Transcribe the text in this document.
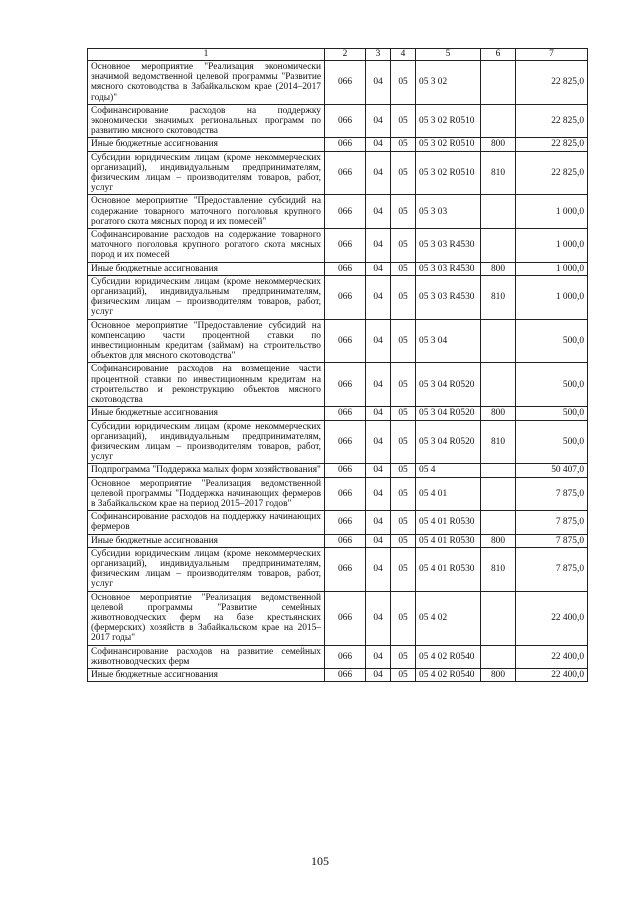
1	2	3	4	5	6	7
Основное мероприятие "Реализация экономически значимой ведомственной целевой программы "Развитие мясного скотоводства в Забайкальском крае (2014–2017 годы)"	066	04	05	05 3 02		22 825,0
Софинансирование расходов на поддержку экономически значимых региональных программ по развитию мясного скотоводства	066	04	05	05 3 02 R0510		22 825,0
Иные бюджетные ассигнования	066	04	05	05 3 02 R0510	800	22 825,0
Субсидии юридическим лицам (кроме некоммерческих организаций), индивидуальным предпринимателям, физическим лицам – производителям товаров, работ, услуг	066	04	05	05 3 02 R0510	810	22 825,0
Основное мероприятие "Предоставление субсидий на содержание товарного маточного поголовья крупного рогатого скота мясных пород и их помесей"	066	04	05	05 3 03		1 000,0
Софинансирование расходов на содержание товарного маточного поголовья крупного рогатого скота мясных пород и их помесей	066	04	05	05 3 03 R4530		1 000,0
Иные бюджетные ассигнования	066	04	05	05 3 03 R4530	800	1 000,0
Субсидии юридическим лицам (кроме некоммерческих организаций), индивидуальным предпринимателям, физическим лицам – производителям товаров, работ, услуг	066	04	05	05 3 03 R4530	810	1 000,0
Основное мероприятие "Предоставление субсидий на компенсацию части процентной ставки по инвестиционным кредитам (займам) на строительство объектов для мясного скотоводства"	066	04	05	05 3 04		500,0
Софинансирование расходов на возмещение части процентной ставки по инвестиционным кредитам на строительство и реконструкцию объектов мясного скотоводства	066	04	05	05 3 04 R0520		500,0
Иные бюджетные ассигнования	066	04	05	05 3 04 R0520	800	500,0
Субсидии юридическим лицам (кроме некоммерческих организаций), индивидуальным предпринимателям, физическим лицам – производителям товаров, работ, услуг	066	04	05	05 3 04 R0520	810	500,0
Подпрограмма "Поддержка малых форм хозяйствования"	066	04	05	05 4		50 407,0
Основное мероприятие "Реализация ведомственной целевой программы "Поддержка начинающих фермеров в Забайкальском крае на период 2015–2017 годов"	066	04	05	05 4 01		7 875,0
Софинансирование расходов на поддержку начинающих фермеров	066	04	05	05 4 01 R0530		7 875,0
Иные бюджетные ассигнования	066	04	05	05 4 01 R0530	800	7 875,0
Субсидии юридическим лицам (кроме некоммерческих организаций), индивидуальным предпринимателям, физическим лицам – производителям товаров, работ, услуг	066	04	05	05 4 01 R0530	810	7 875,0
Основное мероприятие "Реализация ведомственной целевой программы "Развитие семейных животноводческих ферм на базе крестьянских (фермерских) хозяйств в Забайкальском крае на 2015–2017 годы"	066	04	05	05 4 02		22 400,0
Софинансирование расходов на развитие семейных животноводческих ферм	066	04	05	05 4 02 R0540		22 400,0
Иные бюджетные ассигнования	066	04	05	05 4 02 R0540	800	22 400,0
105
